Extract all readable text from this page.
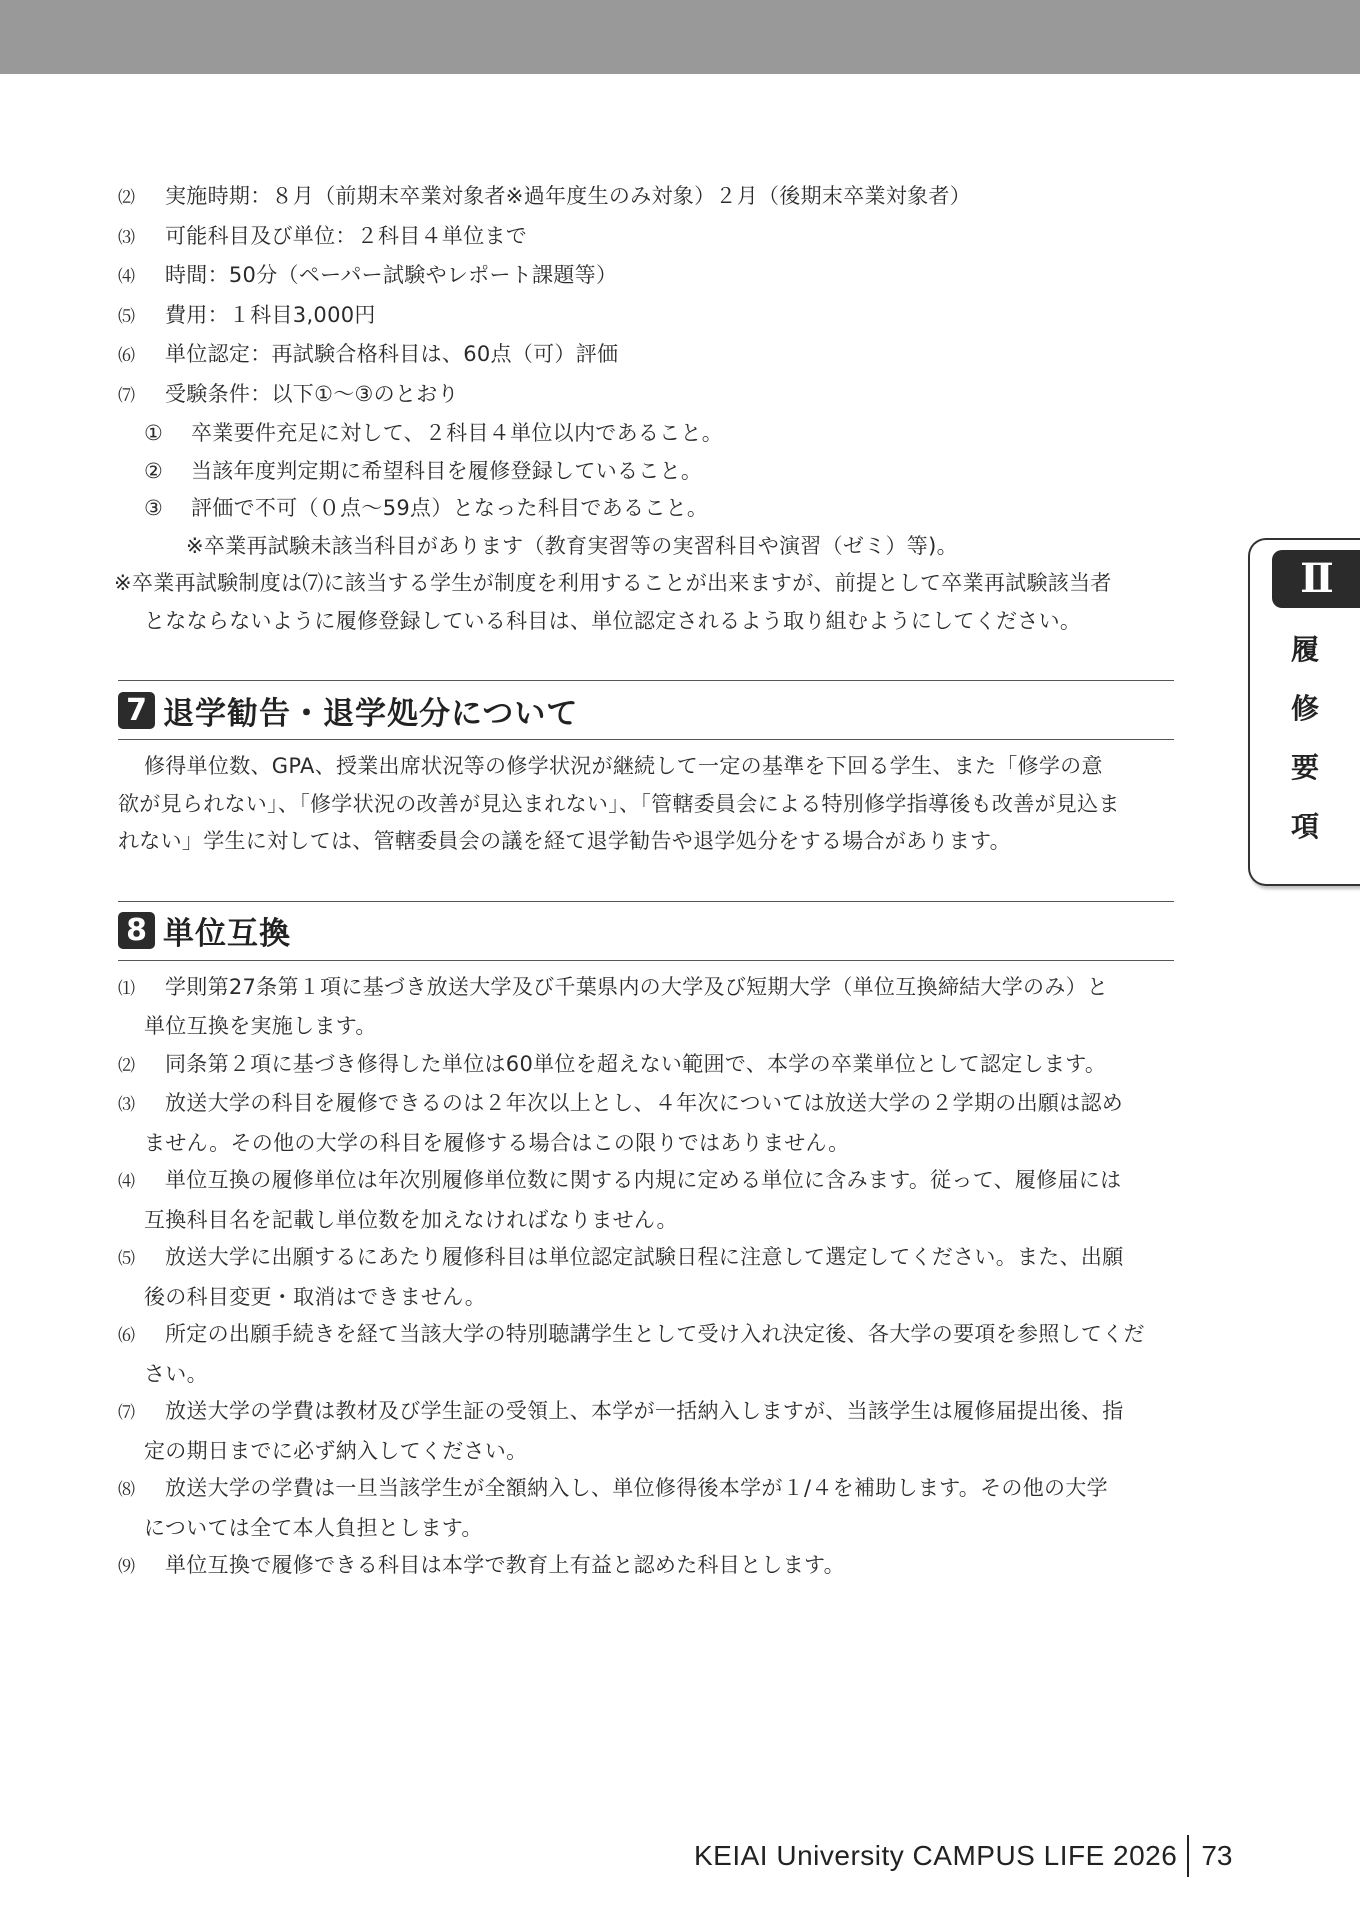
⑵ 実施時期：８月（前期末卒業対象者※過年度生のみ対象）２月（後期末卒業対象者）
⑶ 可能科目及び単位：２科目４単位まで
⑷ 時間：50分（ペーパー試験やレポート課題等）
⑸ 費用：１科目3,000円
⑹ 単位認定：再試験合格科目は、60点（可）評価
⑺ 受験条件：以下①～③のとおり
① 卒業要件充足に対して、２科目４単位以内であること。
② 当該年度判定期に希望科目を履修登録していること。
③ 評価で不可（０点～59点）となった科目であること。
※卒業再試験未該当科目があります（教育実習等の実習科目や演習（ゼミ）等)。
※卒業再試験制度は⑺に該当する学生が制度を利用することが出来ますが、前提として卒業再試験該当者
となならないように履修登録している科目は、単位認定されるよう取り組むようにしてください。
7 退学勧告・退学処分について
修得単位数、GPA、授業出席状況等の修学状況が継続して一定の基準を下回る学生、また「修学の意
欲が見られない」、「修学状況の改善が見込まれない」、「管轄委員会による特別修学指導後も改善が見込ま
れない」学生に対しては、管轄委員会の議を経て退学勧告や退学処分をする場合があります。
8 単位互換
⑴ 学則第27条第１項に基づき放送大学及び千葉県内の大学及び短期大学（単位互換締結大学のみ）と
単位互換を実施します。
⑵ 同条第２項に基づき修得した単位は60単位を超えない範囲で、本学の卒業単位として認定します。
⑶ 放送大学の科目を履修できるのは２年次以上とし、４年次については放送大学の２学期の出願は認め
ません。その他の大学の科目を履修する場合はこの限りではありません。
⑷ 単位互換の履修単位は年次別履修単位数に関する内規に定める単位に含みます。従って、履修届には
互換科目名を記載し単位数を加えなければなりません。
⑸ 放送大学に出願するにあたり履修科目は単位認定試験日程に注意して選定してください。また、出願
後の科目変更・取消はできません。
⑹ 所定の出願手続きを経て当該大学の特別聴講学生として受け入れ決定後、各大学の要項を参照してくだ
さい。
⑺ 放送大学の学費は教材及び学生証の受領上、本学が一括納入しますが、当該学生は履修届提出後、指
定の期日までに必ず納入してください。
⑻ 放送大学の学費は一旦当該学生が全額納入し、単位修得後本学が１/４を補助します。その他の大学
については全て本人負担とします。
⑼ 単位互換で履修できる科目は本学で教育上有益と認めた科目とします。
Ⅱ
履
修
要
項
KEIAI University CAMPUS LIFE 2026 73
